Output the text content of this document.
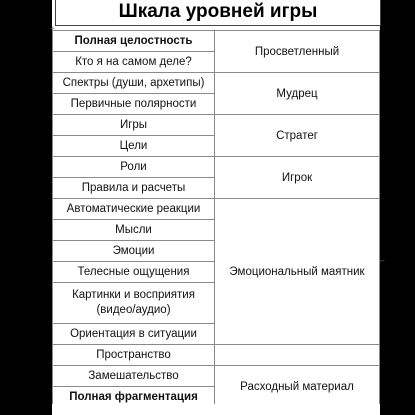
Шкала уровней игры
+
Полная целостность	Просветленный	
Кто я на самом деле?		
Спектры (души, архетипы)	Мудрец	
Первичные полярности		
Игры	Стратег	
Цели		
Роли	Игрок	
Правила и расчеты		
Автоматические реакции	Эмоциональный маятник	
Мысли		
Эмоции		
Телесные ощущения		
Картинки и восприятия (видео/аудио)		
Ориентация в ситуации	
Пространство		
Замешательство	Расходный материал	
Полная фрагментация		
⌐
